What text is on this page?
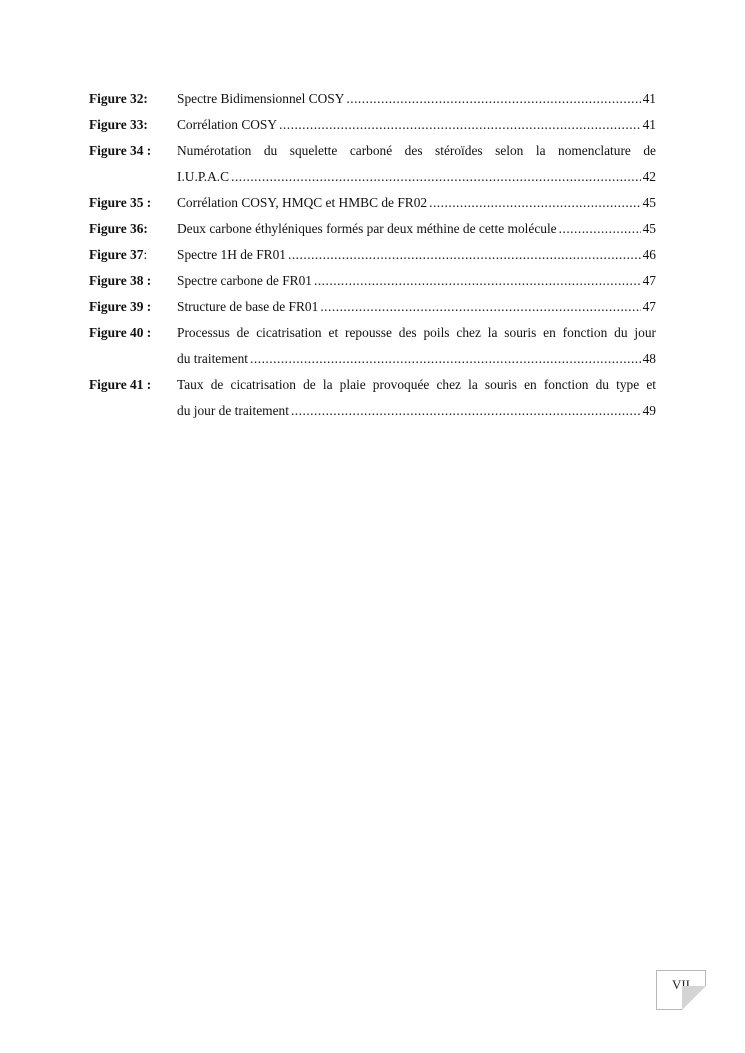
Figure 32:	Spectre Bidimensionnel COSY .....	41
Figure 33:	Corrélation COSY .....	41
Figure 34 :	Numérotation du squelette carboné des stéroïdes selon la nomenclature de
I.U.P.A.C .....	42
Figure 35 :	Corrélation COSY, HMQC et HMBC de FR02 .....	45
Figure 36:	Deux carbone éthyléniques formés par deux méthine de cette molécule .....	45
Figure 37:	Spectre 1H de FR01 .....	46
Figure 38 :	Spectre carbone de FR01 .....	47
Figure 39 :	Structure de base de FR01 .....	47
Figure 40 :	Processus de cicatrisation et repousse des poils chez la souris en fonction du jour
du traitement .....	48
Figure 41 :	Taux de cicatrisation de la plaie provoquée chez la souris en fonction du type et
du jour de traitement .....	49
VII
